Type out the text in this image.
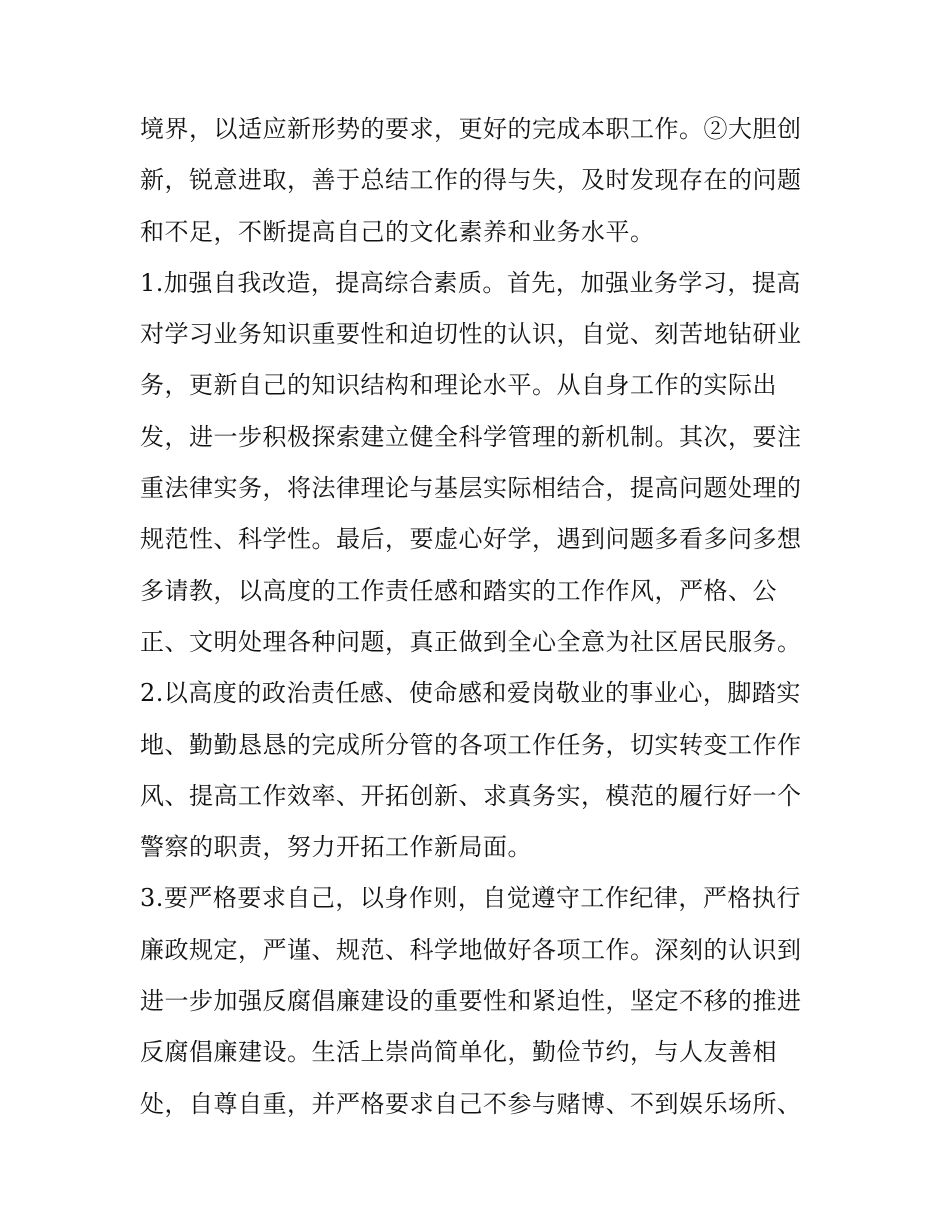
境界，以适应新形势的要求，更好的完成本职工作。②大胆创
新，锐意进取，善于总结工作的得与失，及时发现存在的问题
和不足，不断提高自己的文化素养和业务水平。
1.加强自我改造，提高综合素质。首先，加强业务学习，提高
对学习业务知识重要性和迫切性的认识，自觉、刻苦地钻研业
务，更新自己的知识结构和理论水平。从自身工作的实际出
发，进一步积极探索建立健全科学管理的新机制。其次，要注
重法律实务，将法律理论与基层实际相结合，提高问题处理的
规范性、科学性。最后，要虚心好学，遇到问题多看多问多想
多请教，以高度的工作责任感和踏实的工作作风，严格、公
正、文明处理各种问题，真正做到全心全意为社区居民服务。
2.以高度的政治责任感、使命感和爱岗敬业的事业心，脚踏实
地、勤勤恳恳的完成所分管的各项工作任务，切实转变工作作
风、提高工作效率、开拓创新、求真务实，模范的履行好一个
警察的职责，努力开拓工作新局面。
3.要严格要求自己，以身作则，自觉遵守工作纪律，严格执行
廉政规定，严谨、规范、科学地做好各项工作。深刻的认识到
进一步加强反腐倡廉建设的重要性和紧迫性，坚定不移的推进
反腐倡廉建设。生活上崇尚简单化，勤俭节约，与人友善相
处，自尊自重，并严格要求自己不参与赌博、不到娱乐场所、
